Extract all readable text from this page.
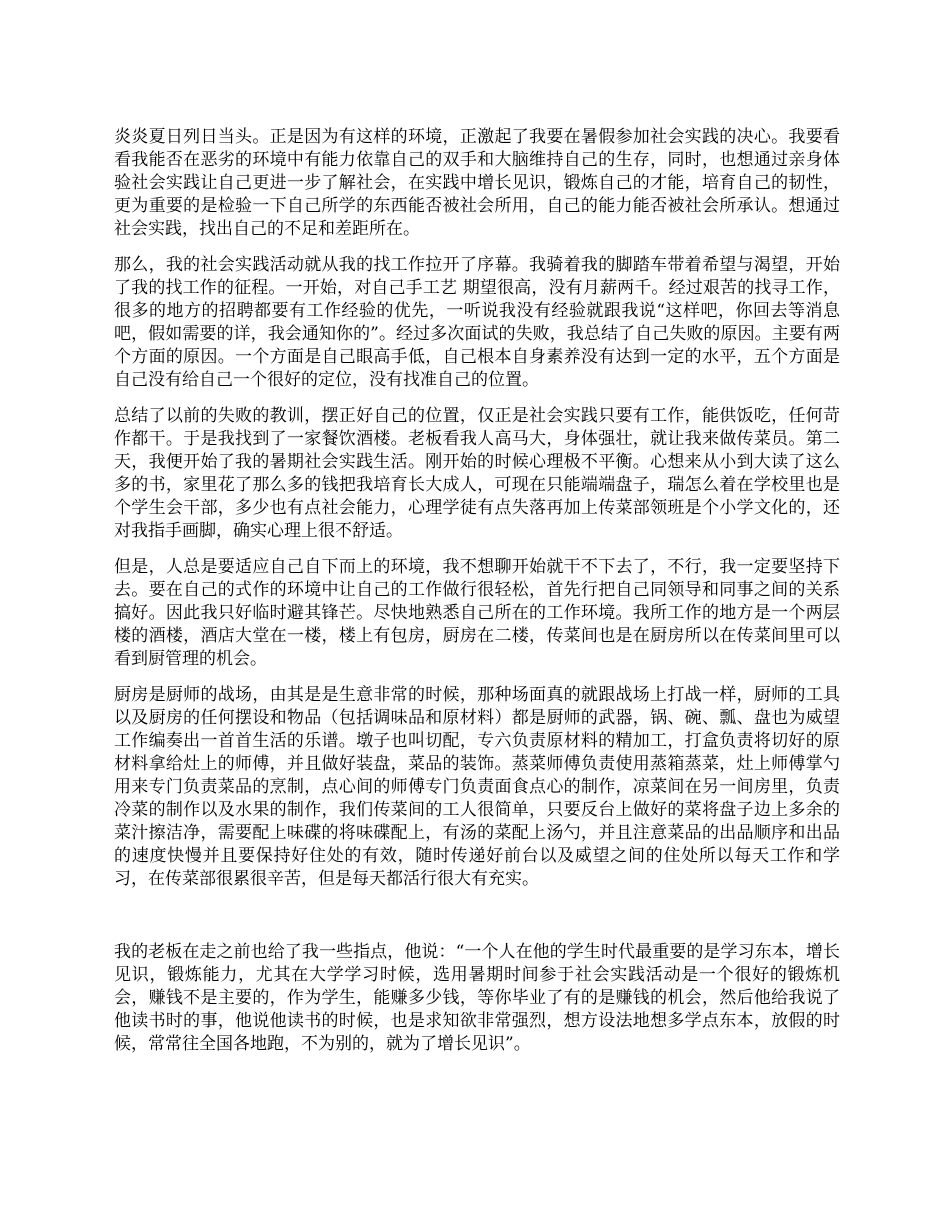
炎炎夏日列日当头。正是因为有这样的环境，正激起了我要在暑假参加社会实践的决心。我要看看我能否在恶劣的环境中有能力依靠自己的双手和大脑维持自己的生存，同时，也想通过亲身体验社会实践让自己更进一步了解社会，在实践中增长见识，锻炼自己的才能，培育自己的韧性，更为重要的是检验一下自己所学的东西能否被社会所用，自己的能力能否被社会所承认。想通过社会实践，找出自己的不足和差距所在。

那么，我的社会实践活动就从我的找工作拉开了序幕。我骑着我的脚踏车带着希望与渴望，开始了我的找工作的征程。一开始，对自己手工艺 期望很高，没有月薪两千。经过艰苦的找寻工作，很多的地方的招聘都要有工作经验的优先，一听说我没有经验就跟我说“这样吧，你回去等消息吧，假如需要的详，我会通知你的”。经过多次面试的失败，我总结了自己失败的原因。主要有两个方面的原因。一个方面是自己眼高手低，自己根本自身素养没有达到一定的水平，五个方面是自己没有给自己一个很好的定位，没有找准自己的位置。

总结了以前的失败的教训，摆正好自己的位置，仅正是社会实践只要有工作，能供饭吃，任何苛作都干。于是我找到了一家餐饮酒楼。老板看我人高马大，身体强壮，就让我来做传菜员。第二天，我便开始了我的暑期社会实践生活。刚开始的时候心理极不平衡。心想来从小到大读了这么多的书，家里花了那么多的钱把我培育长大成人，可现在只能端端盘子，瑞怎么着在学校里也是个学生会干部，多少也有点社会能力，心理学徒有点失落再加上传菜部领班是个小学文化的，还对我指手画脚，确实心理上很不舒适。

但是，人总是要适应自己自下而上的环境，我不想聊开始就干不下去了，不行，我一定要坚持下去。要在自己的式作的环境中让自己的工作做行很轻松，首先行把自己同领导和同事之间的关系搞好。因此我只好临时避其锋芒。尽快地熟悉自己所在的工作环境。我所工作的地方是一个两层楼的酒楼，酒店大堂在一楼，楼上有包房，厨房在二楼，传菜间也是在厨房所以在传菜间里可以看到厨管理的机会。

厨房是厨师的战场，由其是是生意非常的时候，那种场面真的就跟战场上打战一样，厨师的工具以及厨房的任何摆设和物品（包括调味品和原材料）都是厨师的武器，锅、碗、瓢、盘也为威望工作编奏出一首首生活的乐谱。墩子也叫切配，专六负责原材料的精加工，打盒负责将切好的原材料拿给灶上的师傅，并且做好装盘，菜品的装饰。蒸菜师傅负责使用蒸箱蒸菜，灶上师傅掌勺用来专门负责菜品的烹制，点心间的师傅专门负责面食点心的制作，凉菜间在另一间房里，负责冷菜的制作以及水果的制作，我们传菜间的工人很简单，只要反台上做好的菜将盘子边上多余的菜汁擦洁净，需要配上味碟的将味碟配上，有汤的菜配上汤勺，并且注意菜品的出品顺序和出品的速度快慢并且要保持好住处的有效，随时传递好前台以及威望之间的住处所以每天工作和学习，在传菜部很累很辛苦，但是每天都活行很大有充实。

我的老板在走之前也给了我一些指点，他说：“一个人在他的学生时代最重要的是学习东本，增长见识，锻炼能力，尤其在大学学习时候，选用暑期时间参于社会实践活动是一个很好的锻炼机会，赚钱不是主要的，作为学生，能赚多少钱，等你毕业了有的是赚钱的机会，然后他给我说了他读书时的事，他说他读书的时候，也是求知欲非常强烈，想方设法地想多学点东本，放假的时候，常常往全国各地跑，不为别的，就为了增长见识”。
